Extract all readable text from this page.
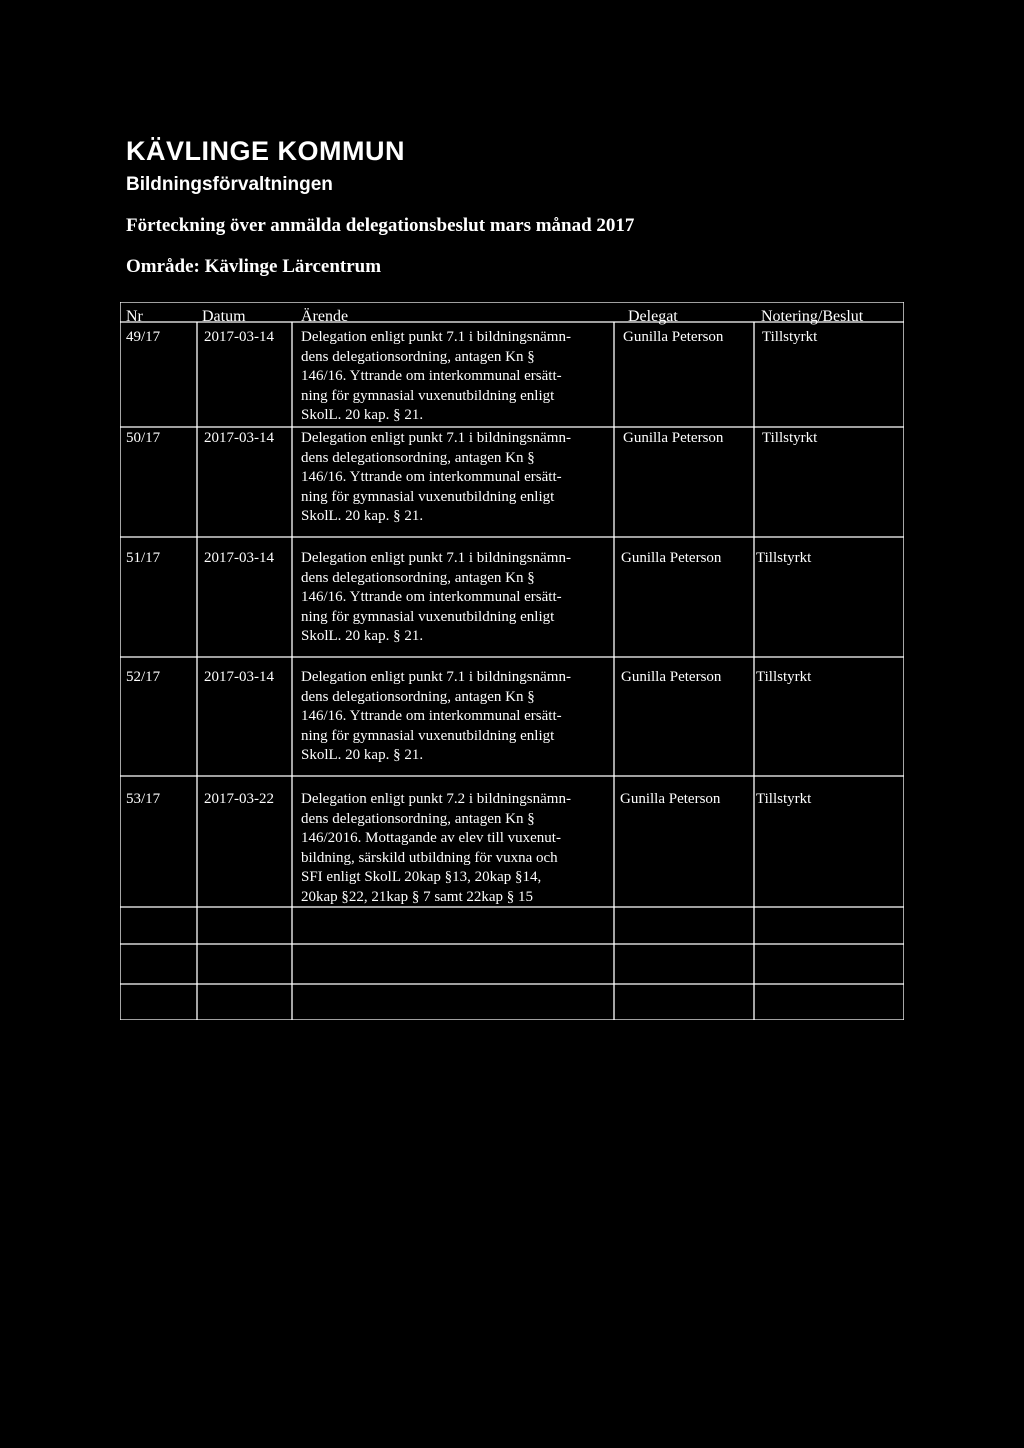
KÄVLINGE KOMMUN
Bildningsförvaltningen
Förteckning över anmälda delegationsbeslut mars månad 2017
Område: Kävlinge Lärcentrum
Nr	Datum	Ärende	Delegat	Notering/Beslut
49/17	2017-03-14 Delegation enligt punkt 7.1 i bildningsnämn-
dens delegationsordning, antagen Kn §
146/16. Yttrande om interkommunal ersätt-
ning för gymnasial vuxenutbildning enligt
SkolL. 20 kap. § 21.
Gunilla Peterson	Tillstyrkt
50/17	2017-03-14 Delegation enligt punkt 7.1 i bildningsnämn-
dens delegationsordning, antagen Kn §
146/16. Yttrande om interkommunal ersätt-
ning för gymnasial vuxenutbildning enligt
SkolL. 20 kap. § 21.
Gunilla Peterson	Tillstyrkt
51/17	2017-03-14 Delegation enligt punkt 7.1 i bildningsnämn-
dens delegationsordning, antagen Kn §
146/16. Yttrande om interkommunal ersätt-
ning för gymnasial vuxenutbildning enligt
SkolL. 20 kap. § 21.
Gunilla Peterson Tillstyrkt
52/17	2017-03-14 Delegation enligt punkt 7.1 i bildningsnämn-
dens delegationsordning, antagen Kn §
146/16. Yttrande om interkommunal ersätt-
ning för gymnasial vuxenutbildning enligt
SkolL. 20 kap. § 21.
Gunilla Peterson Tillstyrkt
53/17	2017-03-22 Delegation enligt punkt 7.2 i bildningsnämn-
dens delegationsordning, antagen Kn §
146/2016. Mottagande av elev till vuxenut-
bildning, särskild utbildning för vuxna och
SFI enligt SkolL 20kap §13, 20kap §14,
20kap §22, 21kap § 7 samt 22kap § 15
Gunilla Peterson Tillstyrkt
